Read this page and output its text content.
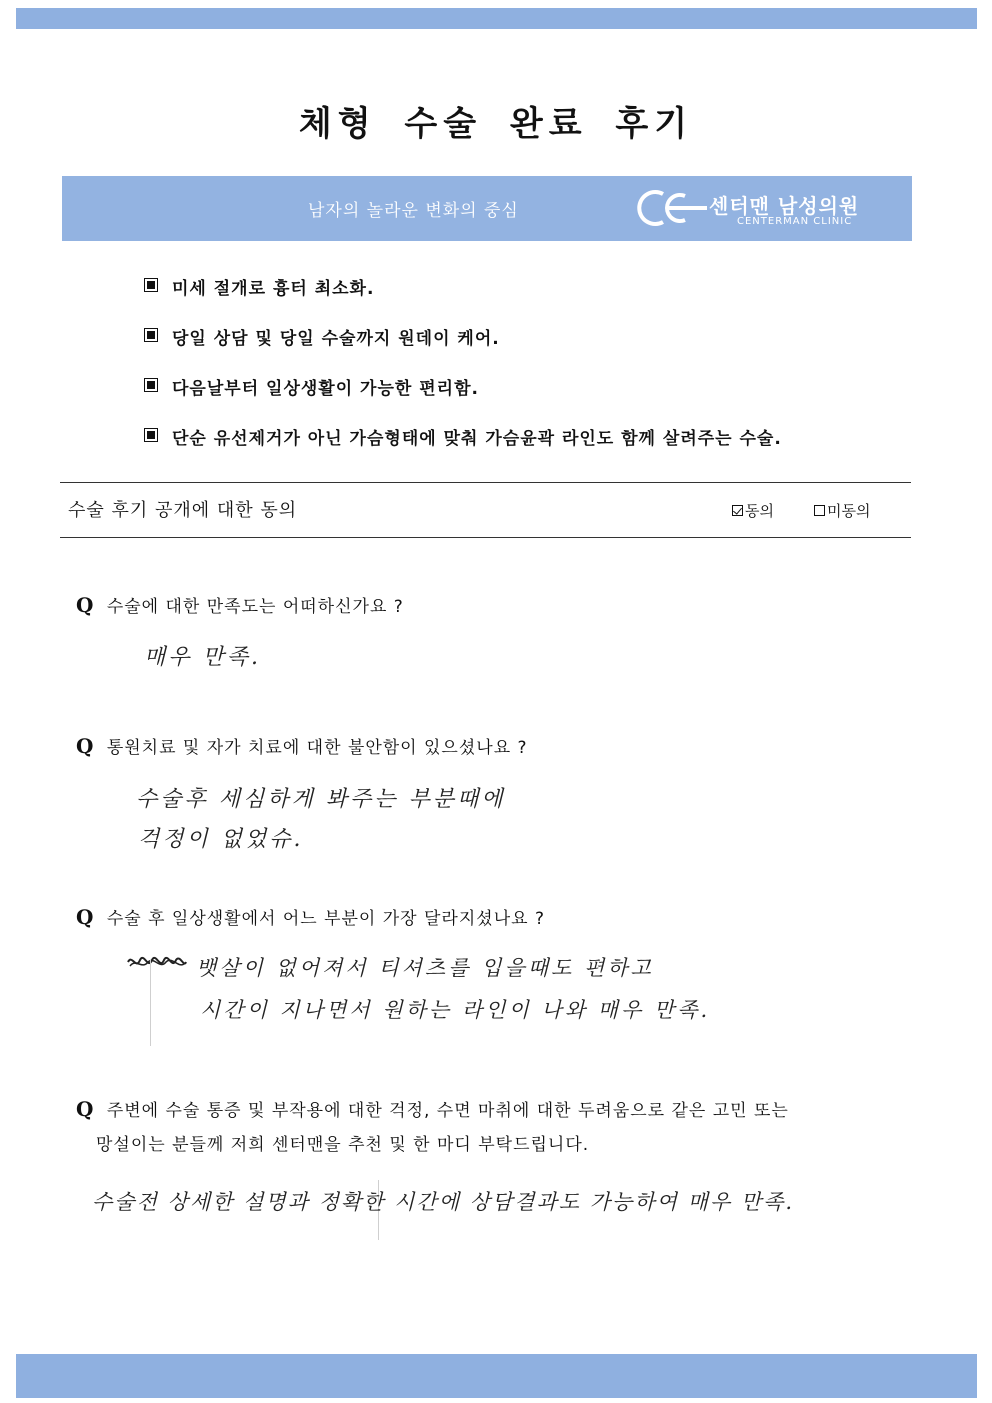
체형 수술 완료 후기
남자의 놀라운 변화의 중심	센터맨 남성의원
CENTERMAN CLINIC
미세 절개로 흉터 최소화.
당일 상담 및 당일 수술까지 원데이 케어.
다음날부터 일상생활이 가능한 편리함.
단순 유선제거가 아닌 가슴형태에 맞춰 가슴윤곽 라인도 함께 살려주는 수술.
수술 후기 공개에 대한 동의	동의	미동의
Q 수술에 대한 만족도는 어떠하신가요 ?
매우 만족.
Q 통원치료 및 자가 치료에 대한 불안함이 있으셨나요 ?
수술후 세심하게 봐주는 부분때에
걱정이 없었슈.
Q 수술 후 일상생활에서 어느 부분이 가장 달라지셨나요 ?
뱃살이 없어져서 티셔츠를 입을때도 편하고
시간이 지나면서 원하는 라인이 나와 매우 만족.
Q 주변에 수술 통증 및 부작용에 대한 걱정, 수면 마취에 대한 두려움으로 같은 고민 또는
망설이는 분들께 저희 센터맨을 추천 및 한 마디 부탁드립니다.
수술전 상세한 설명과 정확한 시간에 상담결과도 가능하여 매우 만족.
